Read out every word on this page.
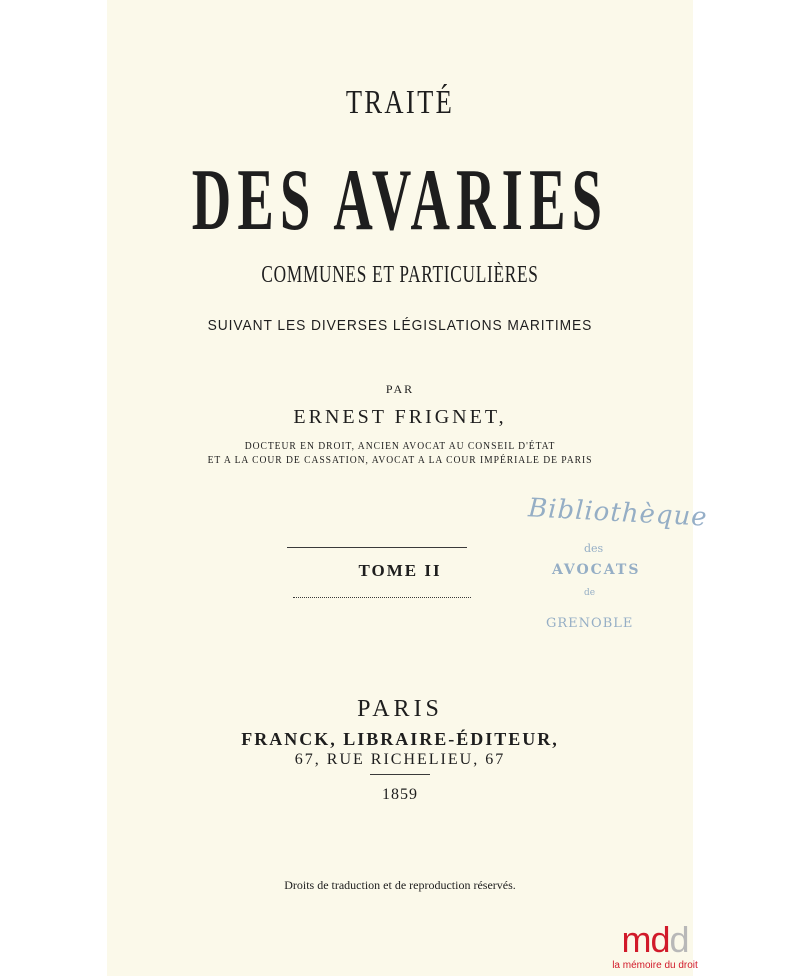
TRAITÉ
DES AVARIES
COMMUNES ET PARTICULIÈRES
SUIVANT LES DIVERSES LÉGISLATIONS MARITIMES
PAR
ERNEST FRIGNET,
DOCTEUR EN DROIT, ANCIEN AVOCAT AU CONSEIL D'ÉTAT
ET A LA COUR DE CASSATION, AVOCAT A LA COUR IMPÉRIALE DE PARIS
TOME II
Bibliothèque
des
AVOCATS
de
GRENOBLE
PARIS
FRANCK, LIBRAIRE-ÉDITEUR,
67, RUE RICHELIEU, 67
1859
Droits de traduction et de reproduction réservés.
mdd
la mémoire du droit
